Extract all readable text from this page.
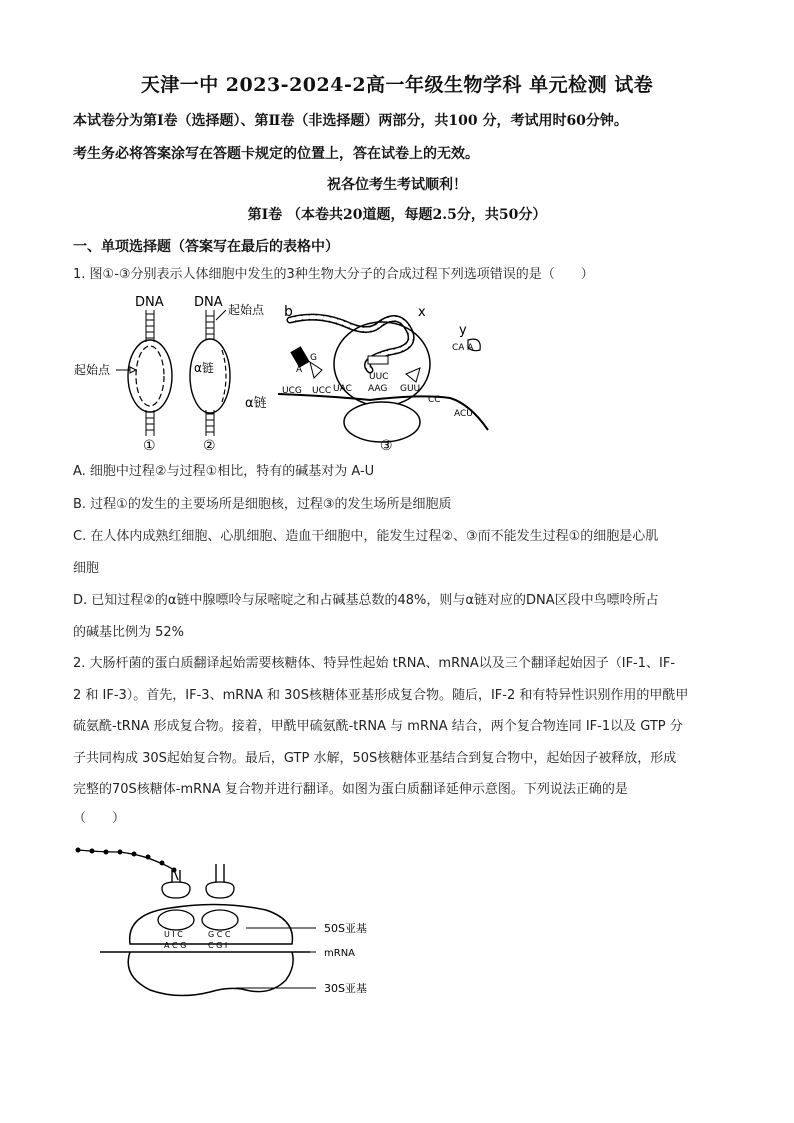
天津一中 2023-2024-2高一年级生物学科 单元检测 试卷
本试卷分为第Ⅰ卷（选择题）、第Ⅱ卷（非选择题）两部分，共100 分，考试用时60分钟。
考生务必将答案涂写在答题卡规定的位置上，答在试卷上的无效。
祝各位考生考试顺利！
第Ⅰ卷 （本卷共20道题，每题2.5分，共50分）
一、单项选择题（答案写在最后的表格中）
1. 图①-③分别表示人体细胞中发生的3种生物大分子的合成过程下列选项错误的是（　　）
DNA
起始点
①
DNA 起始点
α链
②
b	x
y
α链
UCG UCC UAC AAG GUU
CC
ACU
UUC
G
A
CA A
③
A. 细胞中过程②与过程①相比，特有的碱基对为 A-U
B. 过程①的发生的主要场所是细胞核，过程③的发生场所是细胞质
C. 在人体内成熟红细胞、心肌细胞、造血干细胞中，能发生过程②、③而不能发生过程①的细胞是心肌
细胞
D. 已知过程②的α链中腺嘌呤与尿嘧啶之和占碱基总数的48%，则与α链对应的DNA区段中鸟嘌呤所占
的碱基比例为 52%
2. 大肠杆菌的蛋白质翻译起始需要核糖体、特异性起始 tRNA、mRNA以及三个翻译起始因子（IF-1、IF-
2 和 IF-3）。首先，IF-3、mRNA 和 30S核糖体亚基形成复合物。随后，IF-2 和有特异性识别作用的甲酰甲
硫氨酰-tRNA 形成复合物。接着，甲酰甲硫氨酰-tRNA 与 mRNA 结合，两个复合物连同 IF-1以及 GTP 分
子共同构成 30S起始复合物。最后，GTP 水解，50S核糖体亚基结合到复合物中，起始因子被释放，形成
完整的70S核糖体-mRNA 复合物并进行翻译。如图为蛋白质翻译延伸示意图。下列说法正确的是
（　　）
U I C	G C C
A C G	C G I
50S亚基
mRNA
30S亚基
